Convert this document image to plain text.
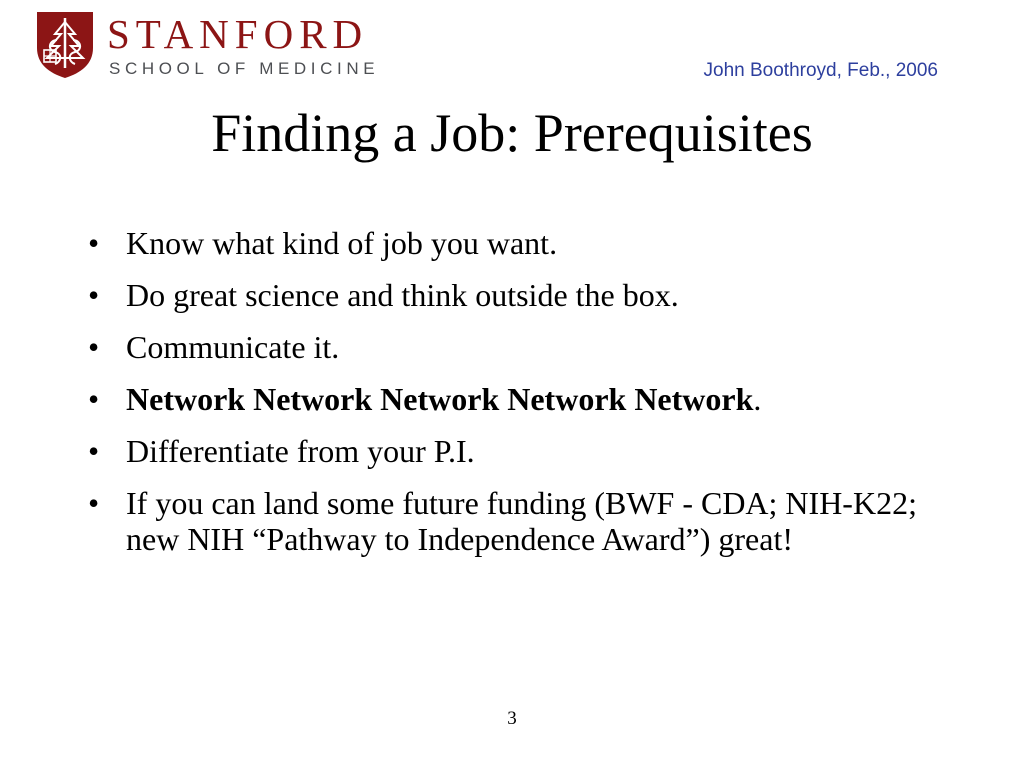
STANFORD
SCHOOL OF MEDICINE	John Boothroyd, Feb., 2006
Finding a Job: Prerequisites
• Know what kind of job you want.
• Do great science and think outside the box.
• Communicate it.
• Network Network Network Network Network.
• Differentiate from your P.I.
• If you can land some future funding (BWF - CDA; NIH-K22; new NIH “Pathway to Independence Award”) great!
3
